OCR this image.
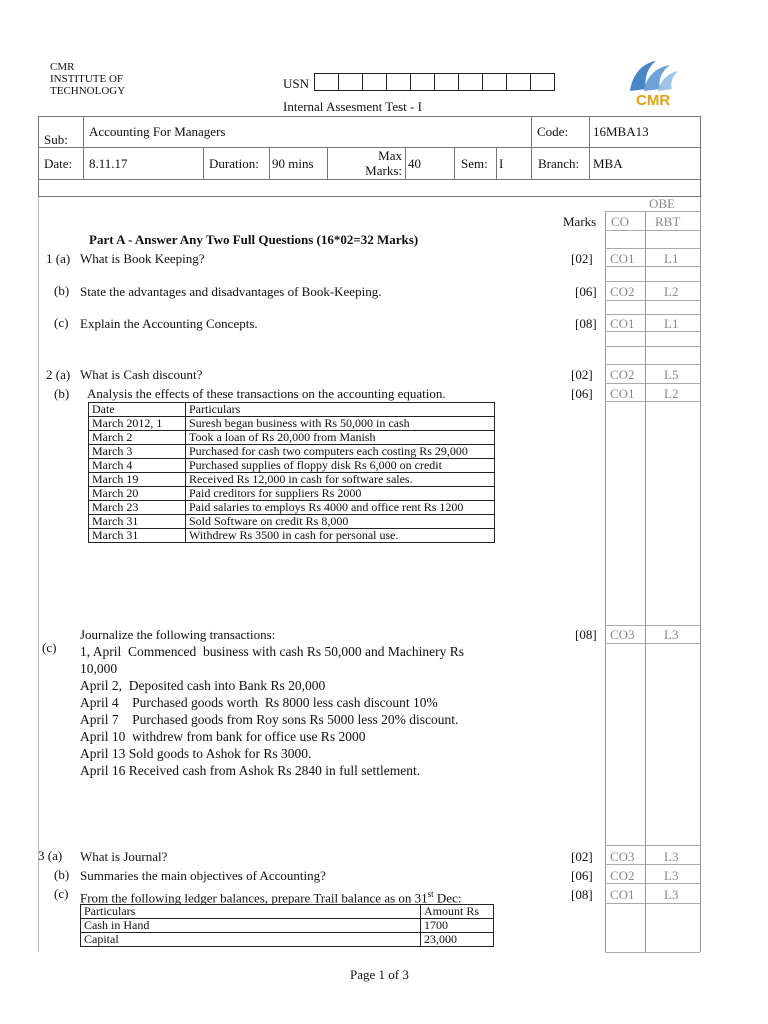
CMR
INSTITUTE OF
TECHNOLOGY	USN
CMR
Internal Assesment Test - I
Sub:
Accounting For Managers	Code: 16MBA13
Date: 8.11.17	Duration: 90 mins
Max
Marks: 40	Sem: I	Branch: MBA
OBE
Marks CO RBT
Part A - Answer Any Two Full Questions (16*02=32 Marks)
1 (a) What is Book Keeping?	[02] CO1 L1
(b) State the advantages and disadvantages of Book-Keeping.	[06] CO2 L2
(c) Explain the Accounting Concepts.	[08] CO1 L1
2 (a) What is Cash discount?	[02] CO2 L5
(b) Analysis the effects of these transactions on the accounting equation.	[06] CO1 L2
Date	Particulars
March 2012, 1	Suresh began business with Rs 50,000 in cash
March 2	Took a loan of Rs 20,000 from Manish
March 3	Purchased for cash two computers each costing Rs 29,000
March 4	Purchased supplies of floppy disk Rs 6,000 on credit
March 19	Received Rs 12,000 in cash for software sales.
March 20	Paid creditors for suppliers Rs 2000
March 23	Paid salaries to employs Rs 4000 and office rent Rs 1200
March 31	Sold Software on credit Rs 8,000
March 31	Withdrew Rs 3500 in cash for personal use.
Journalize the following transactions:
(c)
[08] CO3 L3
1, April  Commenced  business with cash Rs 50,000 and Machinery Rs
10,000
April 2,  Deposited cash into Bank Rs 20,000
April 4    Purchased goods worth  Rs 8000 less cash discount 10%
April 7    Purchased goods from Roy sons Rs 5000 less 20% discount.
April 10  withdrew from bank for office use Rs 2000
April 13 Sold goods to Ashok for Rs 3000.
April 16 Received cash from Ashok Rs 2840 in full settlement.
3 (a) What is Journal?	[02] CO3 L3
(b) Summaries the main objectives of Accounting?	[06] CO2 L3
(c) From the following ledger balances, prepare Trail balance as on 31st Dec:	[08] CO1 L3
Particulars	Amount Rs
Cash in Hand	1700
Capital	23,000
Page 1 of 3
